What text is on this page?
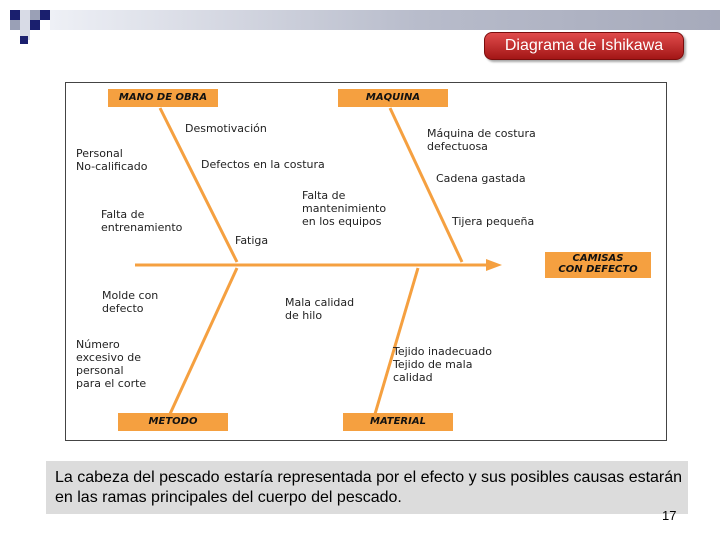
Diagrama de Ishikawa
MANO DE OBRA	MAQUINA
METODO	MATERIAL
CAMISAS
CON DEFECTO
Desmotivación
Personal
No-calificado	Defectos en la costura
Falta de
entrenamiento
Fatiga
Máquina de costura
defectuosa
Cadena gastada
Falta de
mantenimiento
en los equipos	Tijera pequeña
Molde con
defecto
Número
excesivo de
personal
para el corte
Mala calidad
de hilo
Tejido inadecuado
Tejido de mala
calidad
La cabeza del pescado estaría representada por el efecto y sus posibles causas estarán en las ramas principales del cuerpo del pescado.
17
